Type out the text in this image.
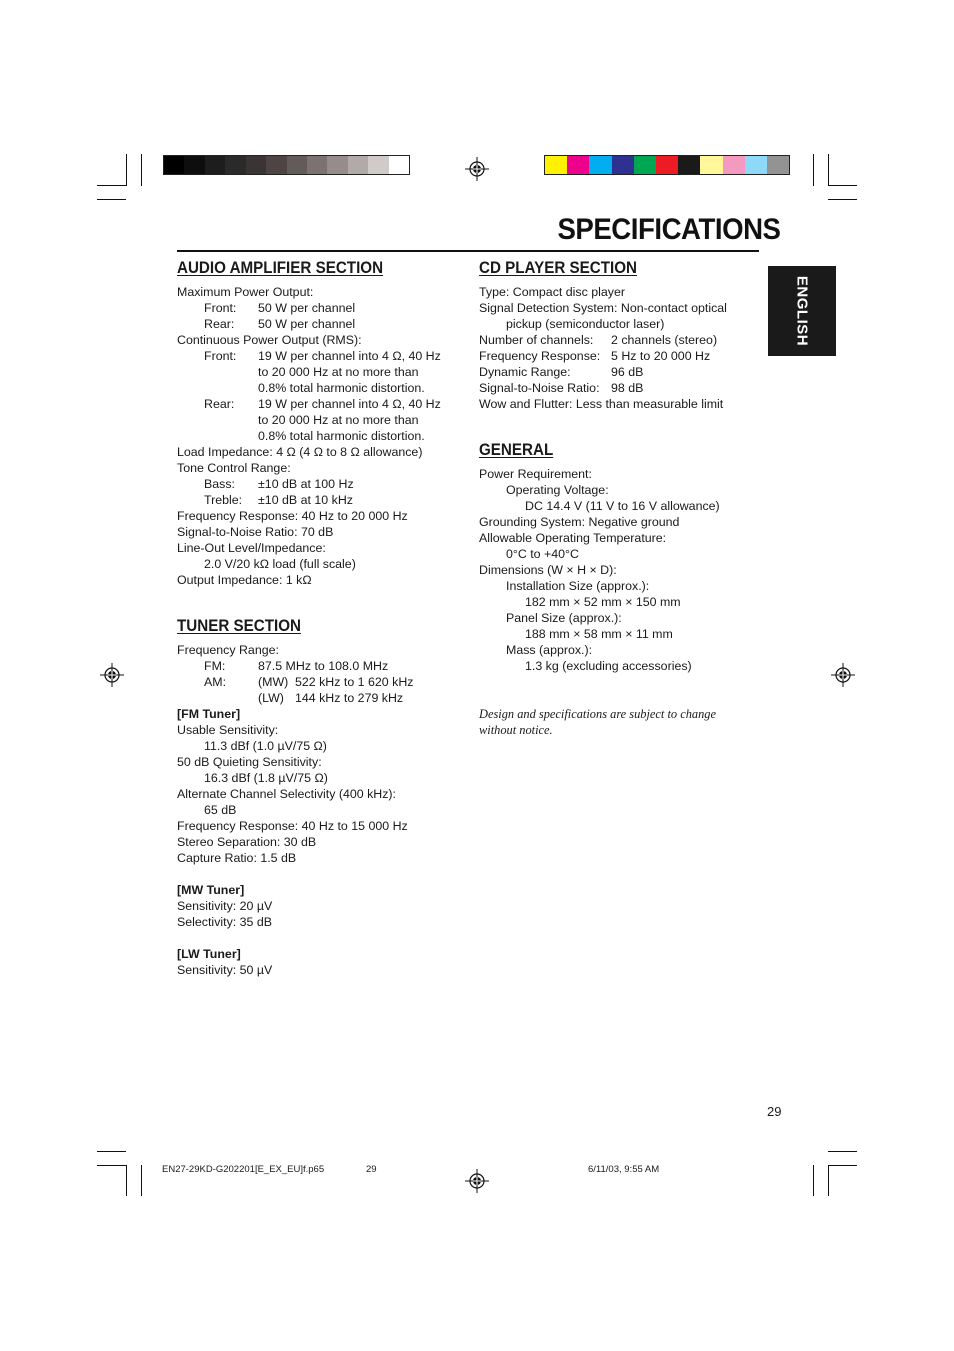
SPECIFICATIONS
ENGLISH
AUDIO AMPLIFIER SECTION
Maximum Power Output:
Front:	50 W per channel
Rear:	50 W per channel
Continuous Power Output (RMS):
Front:	19 W per channel into 4 Ω, 40 Hz
to 20 000 Hz at no more than
0.8% total harmonic distortion.
Rear:	19 W per channel into 4 Ω, 40 Hz
to 20 000 Hz at no more than
0.8% total harmonic distortion.
Load Impedance: 4 Ω (4 Ω to 8 Ω allowance)
Tone Control Range:
Bass:	±10 dB at 100 Hz
Treble:	±10 dB at 10 kHz
Frequency Response: 40 Hz to 20 000 Hz
Signal-to-Noise Ratio: 70 dB
Line-Out Level/Impedance:
2.0 V/20 kΩ load (full scale)
Output Impedance: 1 kΩ
TUNER SECTION
Frequency Range:
FM:	87.5 MHz to 108.0 MHz
AM:	(MW) 522 kHz to 1 620 kHz
(LW) 144 kHz to 279 kHz
[FM Tuner]
Usable Sensitivity:
11.3 dBf (1.0 µV/75 Ω)
50 dB Quieting Sensitivity:
16.3 dBf (1.8 µV/75 Ω)
Alternate Channel Selectivity (400 kHz):
65 dB
Frequency Response: 40 Hz to 15 000 Hz
Stereo Separation: 30 dB
Capture Ratio: 1.5 dB
[MW Tuner]
Sensitivity: 20 µV
Selectivity: 35 dB
[LW Tuner]
Sensitivity: 50 µV
CD PLAYER SECTION
Type: Compact disc player
Signal Detection System: Non-contact optical
pickup (semiconductor laser)
Number of channels:	2 channels (stereo)
Frequency Response: 5 Hz to 20 000 Hz
Dynamic Range:	96 dB
Signal-to-Noise Ratio: 98 dB
Wow and Flutter: Less than measurable limit
GENERAL
Power Requirement:
Operating Voltage:
DC 14.4 V (11 V to 16 V allowance)
Grounding System: Negative ground
Allowable Operating Temperature:
0°C to +40°C
Dimensions (W × H × D):
Installation Size (approx.):
182 mm × 52 mm × 150 mm
Panel Size (approx.):
188 mm × 58 mm × 11 mm
Mass (approx.):
1.3 kg (excluding accessories)
Design and specifications are subject to change
without notice.
29
EN27-29KD-G202201[E_EX_EU]f.p65	29	6/11/03, 9:55 AM
